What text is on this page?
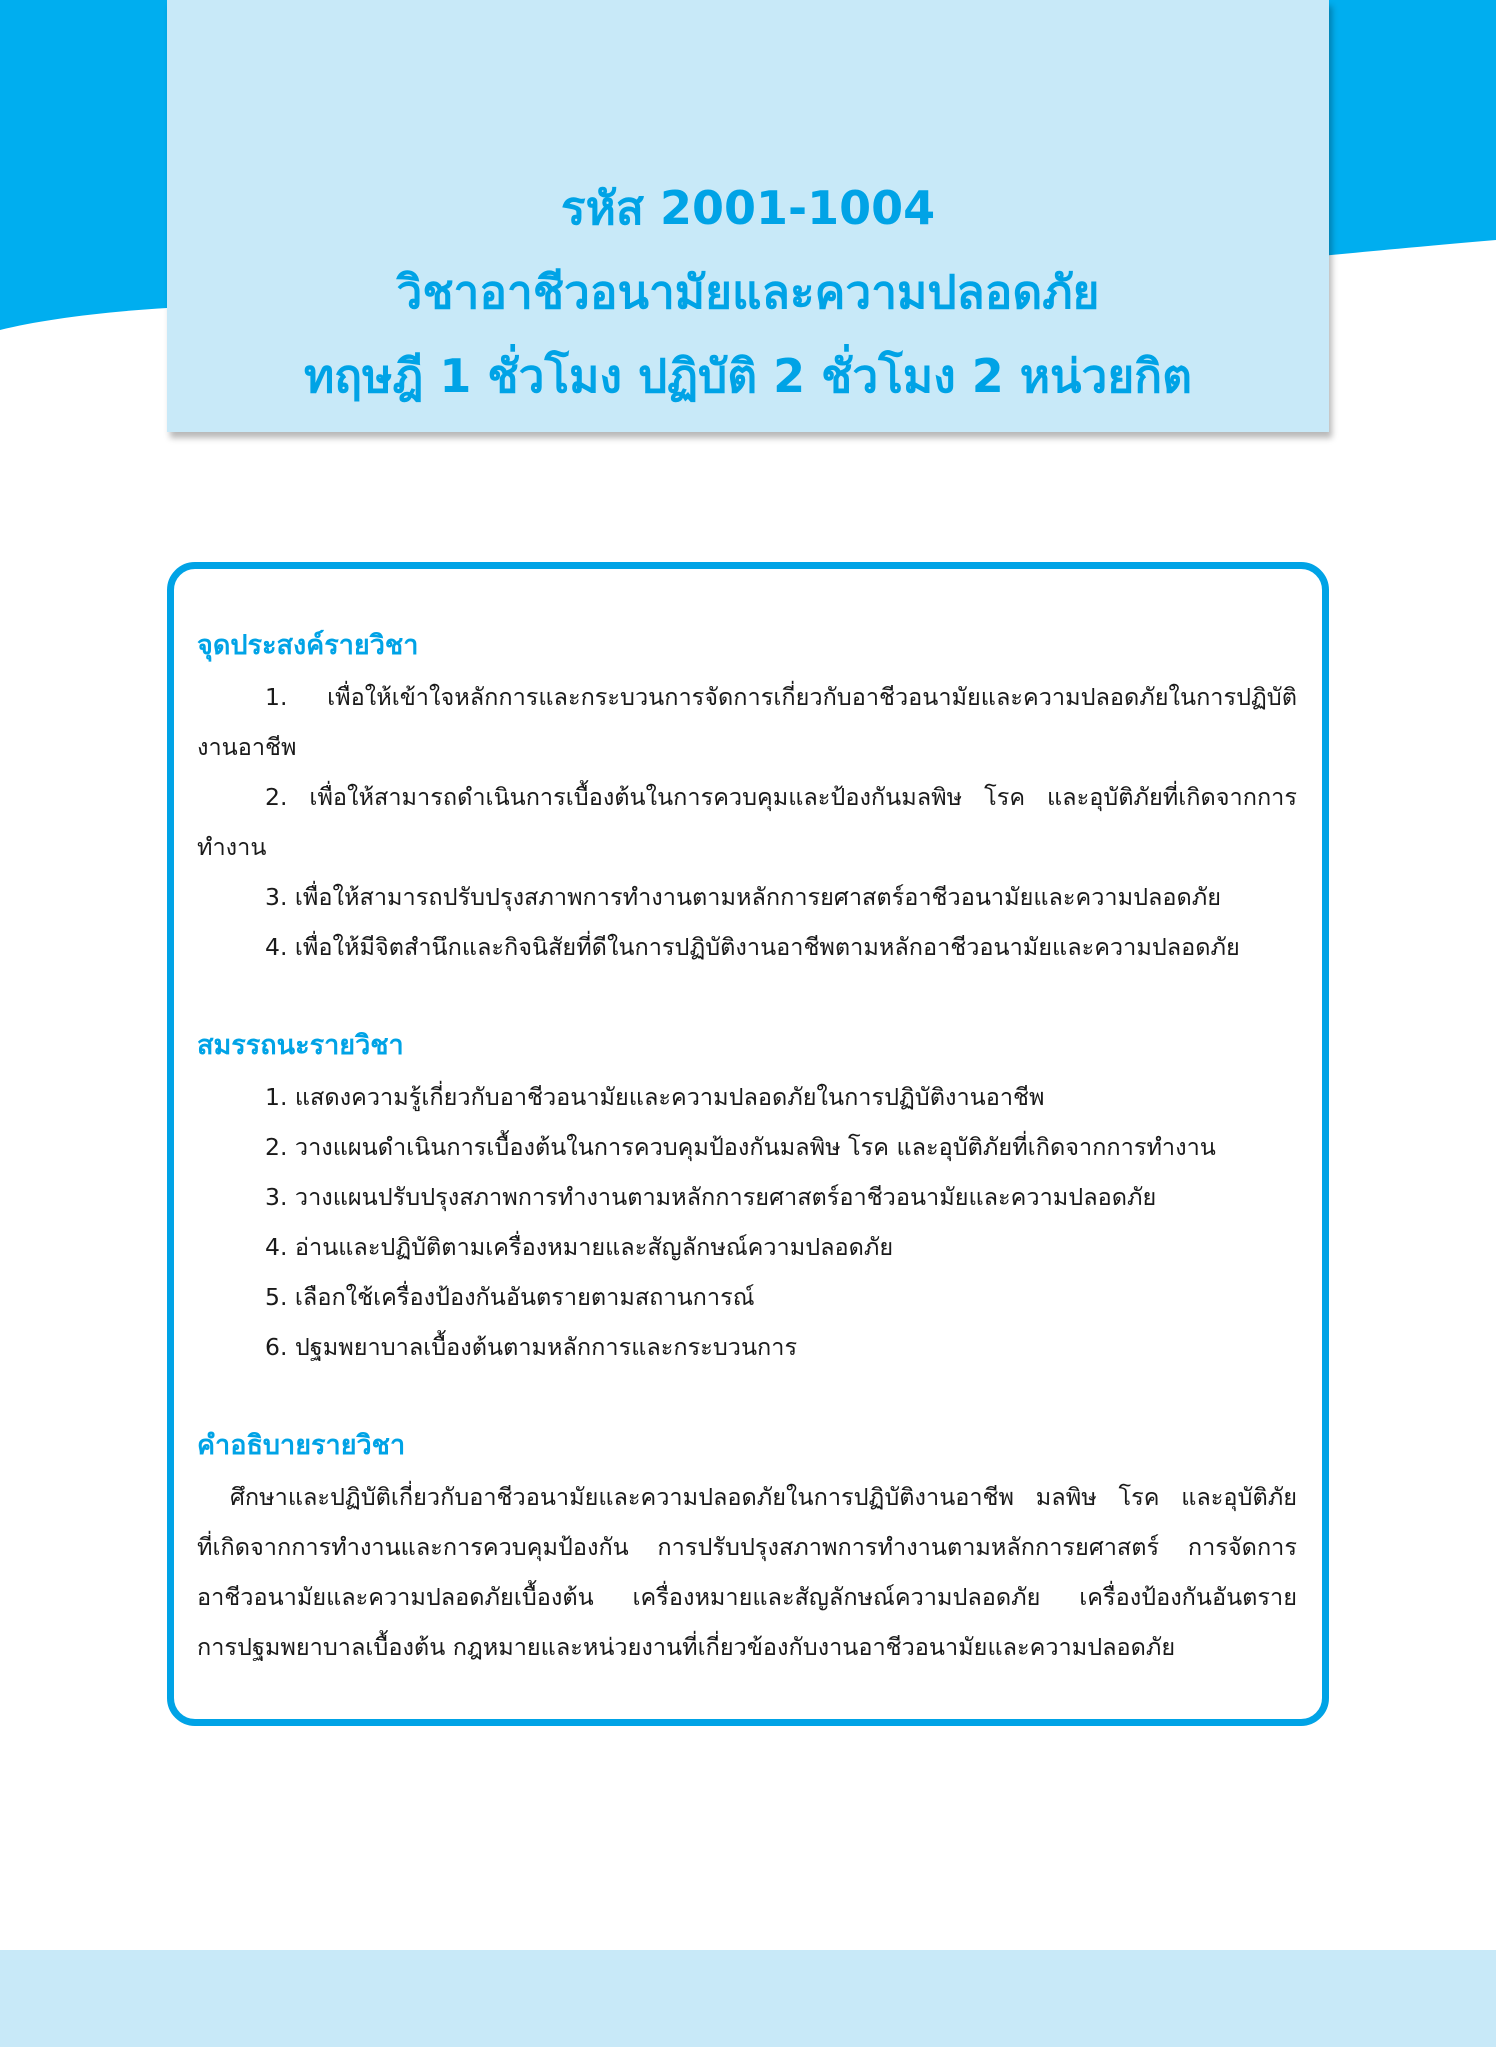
รหัส 2001-1004
วิชาอาชีวอนามัยและความปลอดภัย
ทฤษฎี 1 ชั่วโมง ปฏิบัติ 2 ชั่วโมง 2 หน่วยกิต
จุดประสงค์รายวิชา
1. เพื่อให้เข้าใจหลักการและกระบวนการจัดการเกี่ยวกับอาชีวอนามัยและความปลอดภัยในการปฏิบัติ
งานอาชีพ
2. เพื่อให้สามารถดำเนินการเบื้องต้นในการควบคุมและป้องกันมลพิษ โรค และอุบัติภัยที่เกิดจากการ
ทำงาน
3. เพื่อให้สามารถปรับปรุงสภาพการทำงานตามหลักการยศาสตร์อาชีวอนามัยและความปลอดภัย
4. เพื่อให้มีจิตสำนึกและกิจนิสัยที่ดีในการปฏิบัติงานอาชีพตามหลักอาชีวอนามัยและความปลอดภัย
สมรรถนะรายวิชา
1. แสดงความรู้เกี่ยวกับอาชีวอนามัยและความปลอดภัยในการปฏิบัติงานอาชีพ
2. วางแผนดำเนินการเบื้องต้นในการควบคุมป้องกันมลพิษ โรค และอุบัติภัยที่เกิดจากการทำงาน
3. วางแผนปรับปรุงสภาพการทำงานตามหลักการยศาสตร์อาชีวอนามัยและความปลอดภัย
4. อ่านและปฏิบัติตามเครื่องหมายและสัญลักษณ์ความปลอดภัย
5. เลือกใช้เครื่องป้องกันอันตรายตามสถานการณ์
6. ปฐมพยาบาลเบื้องต้นตามหลักการและกระบวนการ
คำอธิบายรายวิชา
ศึกษาและปฏิบัติเกี่ยวกับอาชีวอนามัยและความปลอดภัยในการปฏิบัติงานอาชีพ มลพิษ โรค และอุบัติภัย
ที่เกิดจากการทำงานและการควบคุมป้องกัน การปรับปรุงสภาพการทำงานตามหลักการยศาสตร์ การจัดการ
อาชีวอนามัยและความปลอดภัยเบื้องต้น เครื่องหมายและสัญลักษณ์ความปลอดภัย เครื่องป้องกันอันตราย
การปฐมพยาบาลเบื้องต้น กฎหมายและหน่วยงานที่เกี่ยวข้องกับงานอาชีวอนามัยและความปลอดภัย
